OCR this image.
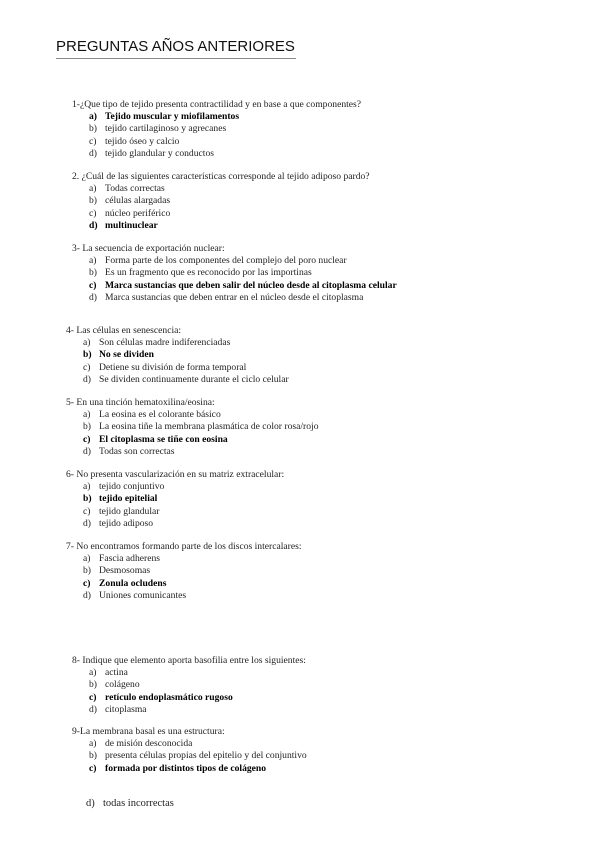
PREGUNTAS AÑOS ANTERIORES
1-¿Que tipo de tejido presenta contractilidad y en base a que componentes?
a) Tejido muscular y miofilamentos
b) tejido cartilaginoso y agrecanes
c) tejido óseo y calcio
d) tejido glandular y conductos
2. ¿Cuál de las siguientes características corresponde al tejido adiposo pardo?
a) Todas correctas
b) células alargadas
c) núcleo periférico
d) multinuclear
3- La secuencia de exportación nuclear:
a) Forma parte de los componentes del complejo del poro nuclear
b) Es un fragmento que es reconocido por las importinas
c) Marca sustancias que deben salir del núcleo desde al citoplasma celular
d) Marca sustancias que deben entrar en el núcleo desde el citoplasma
4- Las células en senescencia:
a) Son células madre indiferenciadas
b) No se dividen
c) Detiene su división de forma temporal
d) Se dividen continuamente durante el ciclo celular
5- En una tinción hematoxilina/eosina:
a) La eosina es el colorante básico
b) La eosina tiñe la membrana plasmática de color rosa/rojo
c) El citoplasma se tiñe con eosina
d) Todas son correctas
6- No presenta vascularización en su matriz extracelular:
a) tejido conjuntivo
b) tejido epitelial
c) tejido glandular
d) tejido adiposo
7- No encontramos formando parte de los discos intercalares:
a) Fascia adherens
b) Desmosomas
c) Zonula ocludens
d) Uniones comunicantes
8- Indique que elemento aporta basofilia entre los siguientes:
a) actina
b) colágeno
c) retículo endoplasmático rugoso
d) citoplasma
9-La membrana basal es una estructura:
a) de misión desconocida
b) presenta células propias del epitelio y del conjuntivo
c) formada por distintos tipos de colágeno
d) todas incorrectas
